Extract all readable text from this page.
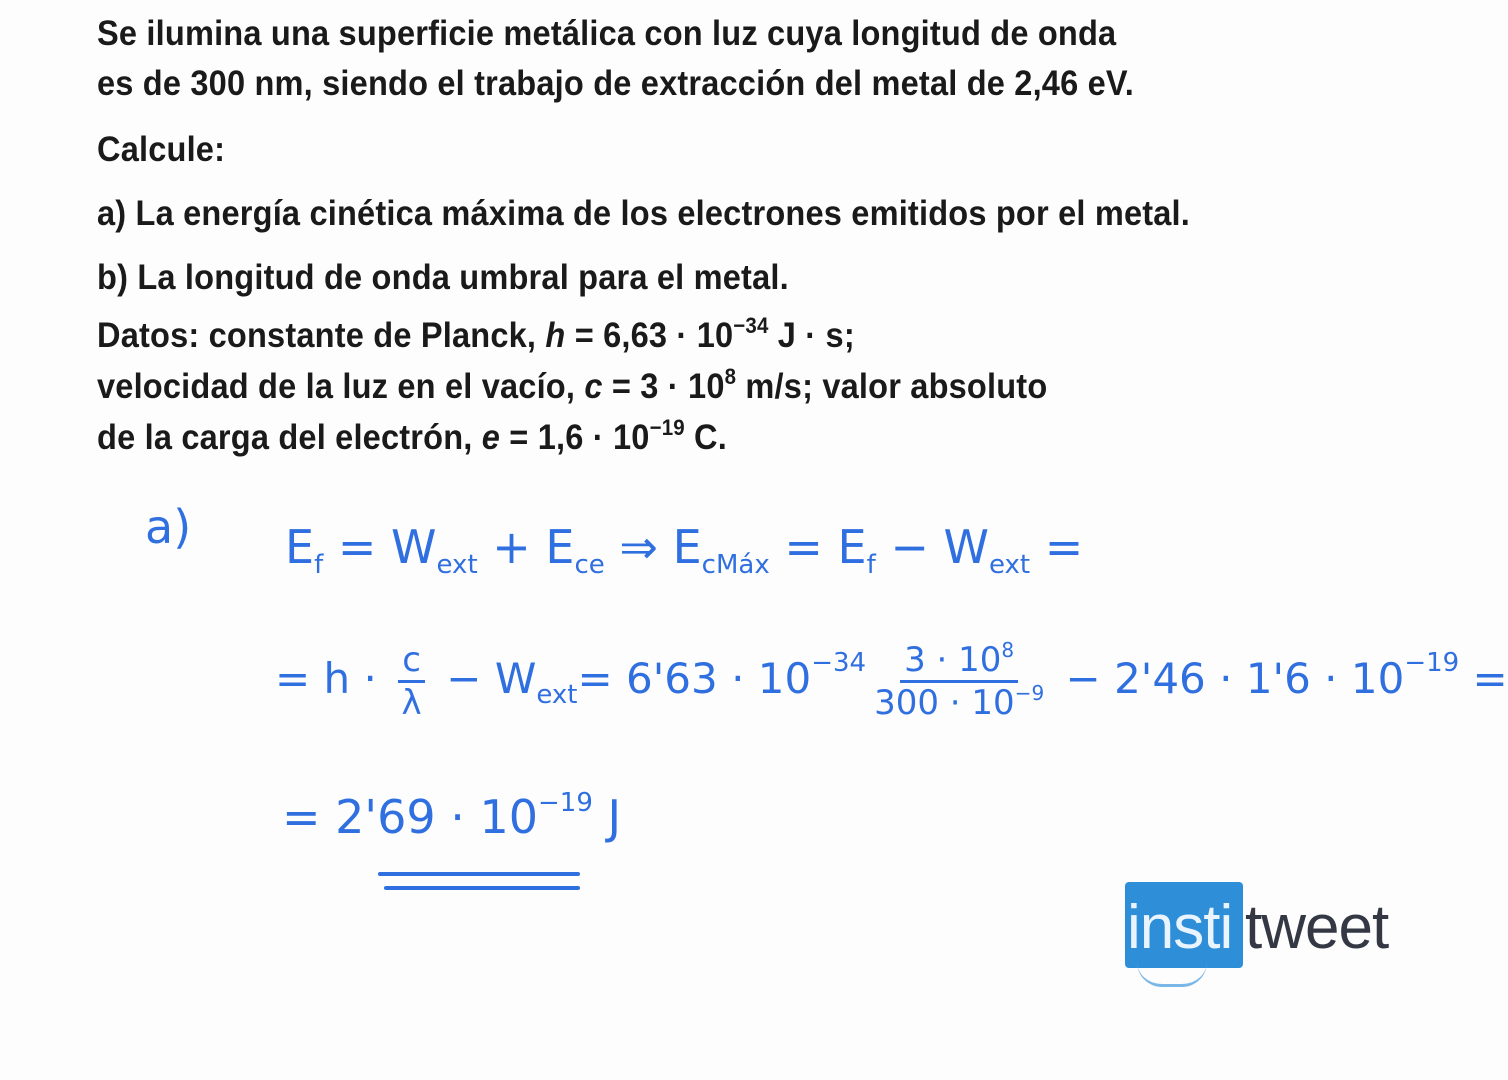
Se ilumina una superficie metálica con luz cuya longitud de onda
es de 300 nm, siendo el trabajo de extracción del metal de 2,46 eV.
Calcule:
a) La energía cinética máxima de los electrones emitidos por el metal.
b) La longitud de onda umbral para el metal.
Datos: constante de Planck, $h = 6,63 \cdot 10^{-34}$ J · s;
velocidad de la luz en el vacío, $c = 3 \cdot 10^8$ m/s; valor absoluto
de la carga del electrón, $e = 1,6 \cdot 10^{-19}$ C.
a) $E_f = W_{ext} + E_{ce}$ ⇒ $E_{cMáx} = E_f - W_{ext}$ =
= $h \cdot \frac{c}{\lambda} - W_{ext}= 6'63 \cdot 10^{-34} \frac{3 \cdot 10^8}{300 \cdot 10^{-9}} - 2'46 \cdot 1'6 \cdot 10^{-19}$ =
= $2'69 \cdot 10^{-19}$ J
insti tweet
